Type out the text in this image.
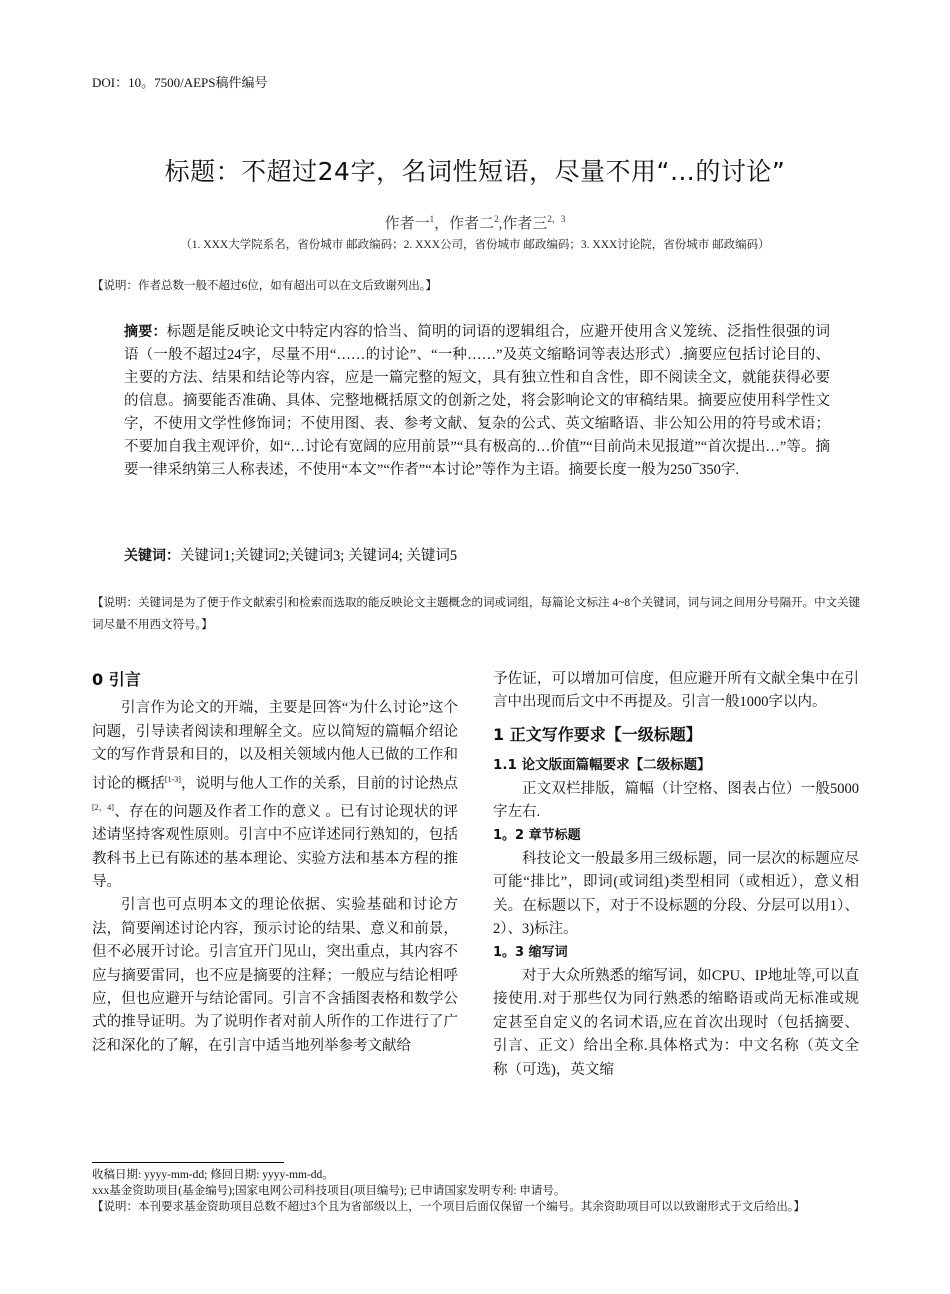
DOI：10。7500/AEPS稿件编号
标题：不超过24字，名词性短语，尽量不用“…的讨论”
作者一$^1$，作者二$^2$,作者三$^{2,3}$
（1. XXX大学院系名，省份城市 邮政编码；2. XXX公司，省份城市 邮政编码；3. XXX讨论院，省份城市 邮政编码）
【说明：作者总数一般不超过6位，如有超出可以在文后致谢列出。】
摘要：标题是能反映论文中特定内容的恰当、简明的词语的逻辑组合，应避开使用含义笼统、泛指性很强的词语（一般不超过24字，尽量不用“……的讨论”、“一种……”及英文缩略词等表达形式）.摘要应包括讨论目的、主要的方法、结果和结论等内容，应是一篇完整的短文，具有独立性和自含性，即不阅读全文，就能获得必要的信息。摘要能否准确、具体、完整地概括原文的创新之处，将会影响论文的审稿结果。摘要应使用科学性文字，不使用文学性修饰词；不使用图、表、参考文献、复杂的公式、英文缩略语、非公知公用的符号或术语；不要加自我主观评价，如“…讨论有宽阔的应用前景”“具有极高的…价值”“目前尚未见报道”“首次提出…”等。摘要一律采纳第三人称表述，不使用“本文”“作者”“本讨论”等作为主语。摘要长度一般为250¯350字.
关键词：关键词1;关键词2;关键词3; 关键词4; 关键词5
【说明：关键词是为了便于作文献索引和检索而选取的能反映论文主题概念的词或词组，每篇论文标注 4~8个关键词，词与词之间用分号隔开。中文关键词尽量不用西文符号。】
0 引言

引言作为论文的开端，主要是回答“为什么讨论”这个问题，引导读者阅读和理解全文。应以简短的篇幅介绍论文的写作背景和目的，以及相关领域内他人已做的工作和讨论的概括[1-3]，说明与他人工作的关系，目前的讨论热点[2，4]、存在的问题及作者工作的意义 。已有讨论现状的评述请坚持客观性原则。引言中不应详述同行熟知的，包括教科书上已有陈述的基本理论、实验方法和基本方程的推导。

引言也可点明本文的理论依据、实验基础和讨论方法，简要阐述讨论内容，预示讨论的结果、意义和前景，但不必展开讨论。引言宜开门见山，突出重点，其内容不应与摘要雷同，也不应是摘要的注释；一般应与结论相呼应，但也应避开与结论雷同。引言不含插图表格和数学公式的推导证明。为了说明作者对前人所作的工作进行了广泛和深化的了解，在引言中适当地列举参考文献给

予佐证，可以增加可信度，但应避开所有文献全集中在引言中出现而后文中不再提及。引言一般1000字以内。

1 正文写作要求【一级标题】
1.1 论文版面篇幅要求【二级标题】

正文双栏排版，篇幅（计空格、图表占位）一般5000字左右.

1。2 章节标题

科技论文一般最多用三级标题，同一层次的标题应尽可能“排比”，即词(或词组)类型相同（或相近），意义相关。在标题以下，对于不设标题的分段、分层可以用1）、2）、3)标注。

1。3 缩写词

对于大众所熟悉的缩写词，如CPU、IP地址等,可以直接使用.对于那些仅为同行熟悉的缩略语或尚无标准或规定甚至自定义的名词术语,应在首次出现时（包括摘要、引言、正文）给出全称.具体格式为：中文名称（英文全称（可选)，英文缩

收稿日期: yyyy-mm-dd; 修回日期: yyyy-mm-dd。
xxx基金资助项目(基金编号);国家电网公司科技项目(项目编号); 已申请国家发明专利: 申请号。
【说明：本刊要求基金资助项目总数不超过3个且为省部级以上，一个项目后面仅保留一个编号。其余资助项目可以以致谢形式于文后给出。】
